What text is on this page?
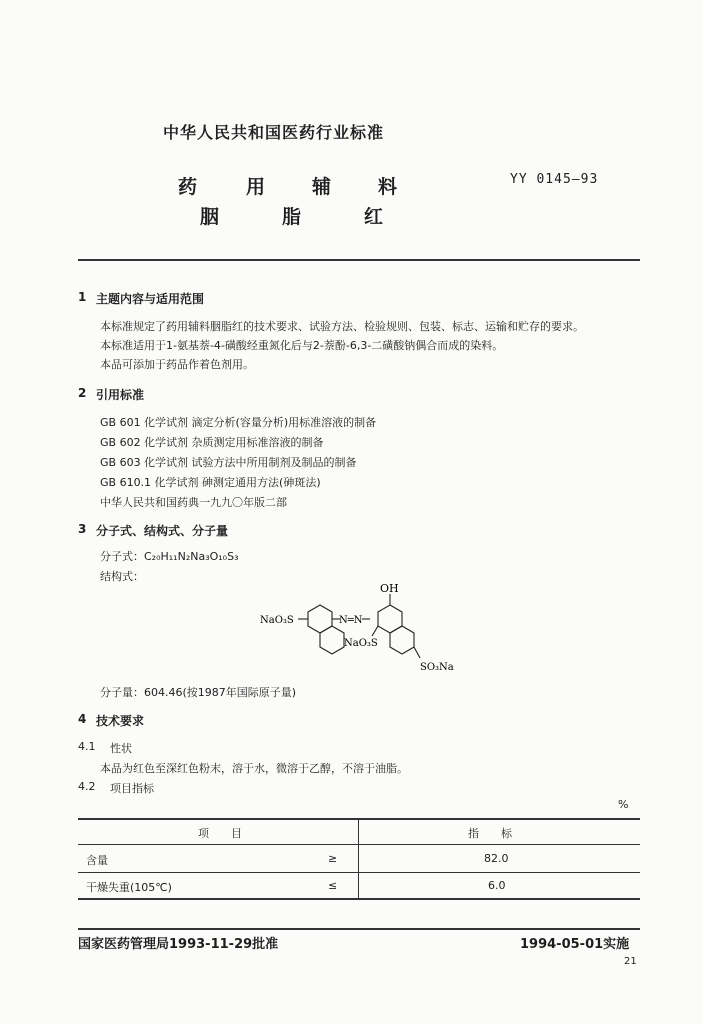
中华人民共和国医药行业标准
药	用 辅 料
胭	脂	红
YY 0145—93
1 主题内容与适用范围
本标准规定了药用辅料胭脂红的技术要求、试验方法、检验规则、包装、标志、运输和贮存的要求。
本标准适用于1-氨基萘-4-磺酸经重氮化后与2-萘酚-6,3-二磺酸钠偶合而成的染料。
本品可添加于药品作着色剂用。
2 引用标准
GB 601 化学试剂 滴定分析(容量分析)用标准溶液的制备
GB 602 化学试剂 杂质测定用标准溶液的制备
GB 603 化学试剂 试验方法中所用制剂及制品的制备
GB 610.1 化学试剂 砷测定通用方法(砷斑法)
中华人民共和国药典一九九〇年版二部
3 分子式、结构式、分子量
分子式：C₂₀H₁₁N₂Na₃O₁₀S₃
结构式：
OH
NaO₃S	N═N
NaO₃S
SO₃Na
分子量：604.46(按1987年国际原子量)
4 技术要求
4.1 性状
本品为红色至深红色粉末，溶于水，微溶于乙醇，不溶于油脂。
4.2 项目指标
%
项　　目	指　　标
含量	≥	82.0
干燥失重(105℃)	≤	6.0
国家医药管理局1993-11-29批准	1994-05-01实施
21
